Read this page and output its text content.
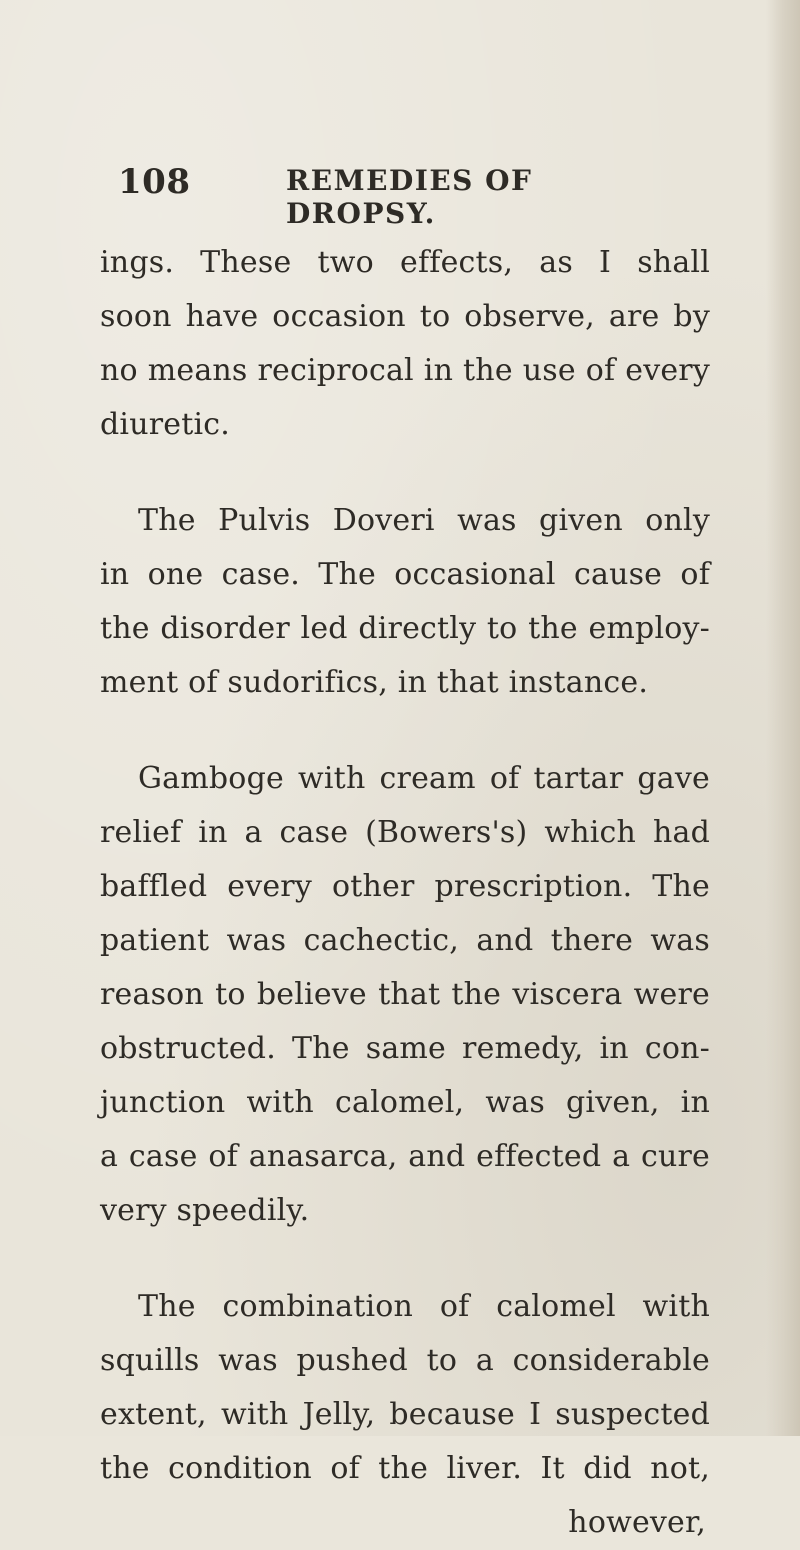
108	REMEDIES OF DROPSY.
ings. These two effects, as I shall
soon have occasion to observe, are by
no means reciprocal in the use of every
diuretic.
The Pulvis Doveri was given only
in one case. The occasional cause of
the disorder led directly to the employ-
ment of sudorifics, in that instance.
Gamboge with cream of tartar gave
relief in a case (Bowers's) which had
baffled every other prescription. The
patient was cachectic, and there was
reason to believe that the viscera were
obstructed. The same remedy, in con-
junction with calomel, was given, in
a case of anasarca, and effected a cure
very speedily.
The combination of calomel with
squills was pushed to a considerable
extent, with Jelly, because I suspected
the condition of the liver. It did not,
however,
